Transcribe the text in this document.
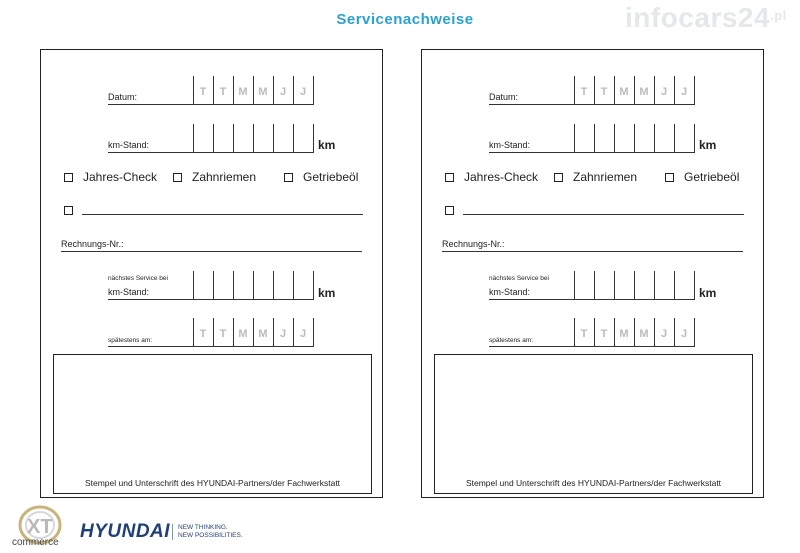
Servicenachweise	$infocars24^{.pl}$
Datum:	T	T	M M	J	J
km-Stand:	km
Jahres-Check	Zahnriemen	Getriebeöl
Rechnungs-Nr.:
nächstes Service bei
km-Stand:	km
spätestens am:
T	T	M M	J	J
Stempel und Unterschrift des HYUNDAI-Partners/der Fachwerkstatt
Datum:	T	T	M M	J	J
km-Stand:	km
Jahres-Check	Zahnriemen	Getriebeöl
Rechnungs-Nr.:
nächstes Service bei
km-Stand:	km
spätestens am:
T	T	M M	J	J
Stempel und Unterschrift des HYUNDAI-Partners/der Fachwerkstatt
XT
commerce
HYUNDAI NEW THINKING.
NEW POSSIBILITIES.
